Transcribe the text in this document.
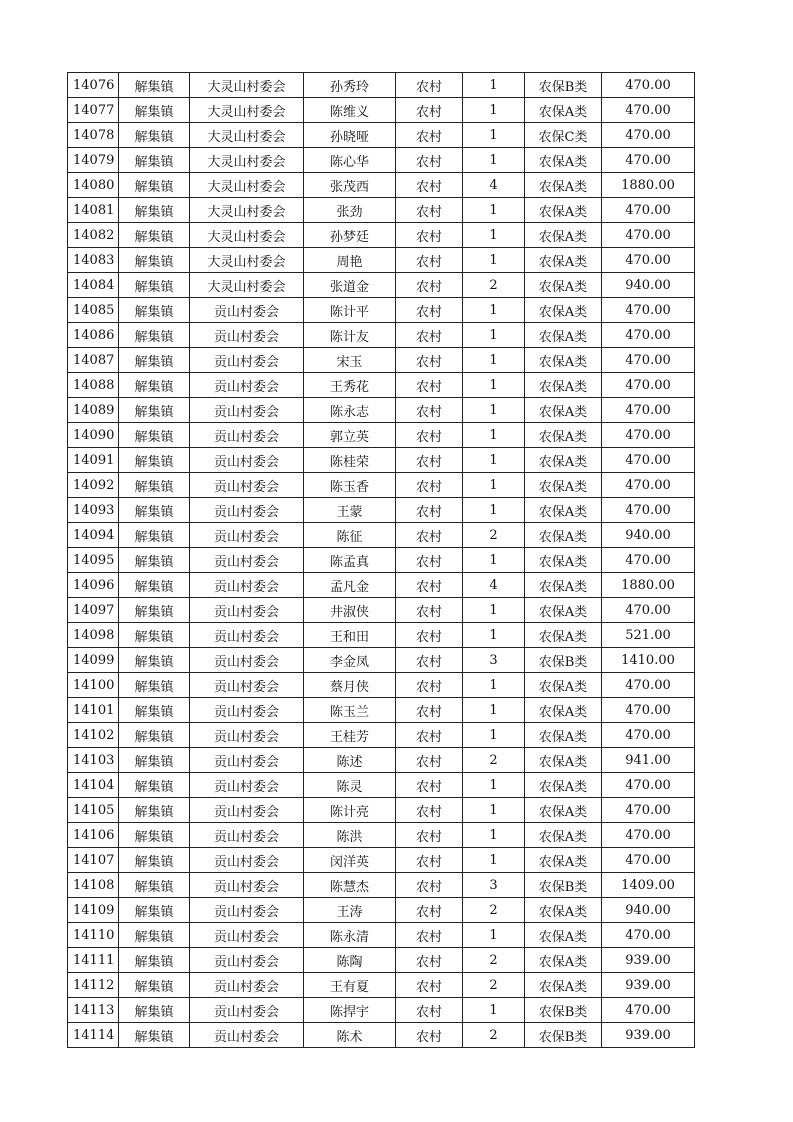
14076	解集镇	大灵山村委会	孙秀玲	农村	1	农保B类	470.00
14077	解集镇	大灵山村委会	陈维义	农村	1	农保A类	470.00
14078	解集镇	大灵山村委会	孙晓哑	农村	1	农保C类	470.00
14079	解集镇	大灵山村委会	陈心华	农村	1	农保A类	470.00
14080	解集镇	大灵山村委会	张茂西	农村	4	农保A类	1880.00
14081	解集镇	大灵山村委会	张劲	农村	1	农保A类	470.00
14082	解集镇	大灵山村委会	孙梦廷	农村	1	农保A类	470.00
14083	解集镇	大灵山村委会	周艳	农村	1	农保A类	470.00
14084	解集镇	大灵山村委会	张道金	农村	2	农保A类	940.00
14085	解集镇	贡山村委会	陈计平	农村	1	农保A类	470.00
14086	解集镇	贡山村委会	陈计友	农村	1	农保A类	470.00
14087	解集镇	贡山村委会	宋玉	农村	1	农保A类	470.00
14088	解集镇	贡山村委会	王秀花	农村	1	农保A类	470.00
14089	解集镇	贡山村委会	陈永志	农村	1	农保A类	470.00
14090	解集镇	贡山村委会	郭立英	农村	1	农保A类	470.00
14091	解集镇	贡山村委会	陈桂荣	农村	1	农保A类	470.00
14092	解集镇	贡山村委会	陈玉香	农村	1	农保A类	470.00
14093	解集镇	贡山村委会	王蒙	农村	1	农保A类	470.00
14094	解集镇	贡山村委会	陈征	农村	2	农保A类	940.00
14095	解集镇	贡山村委会	陈孟真	农村	1	农保A类	470.00
14096	解集镇	贡山村委会	孟凡金	农村	4	农保A类	1880.00
14097	解集镇	贡山村委会	井淑侠	农村	1	农保A类	470.00
14098	解集镇	贡山村委会	王和田	农村	1	农保A类	521.00
14099	解集镇	贡山村委会	李金凤	农村	3	农保B类	1410.00
14100	解集镇	贡山村委会	蔡月侠	农村	1	农保A类	470.00
14101	解集镇	贡山村委会	陈玉兰	农村	1	农保A类	470.00
14102	解集镇	贡山村委会	王桂芳	农村	1	农保A类	470.00
14103	解集镇	贡山村委会	陈述	农村	2	农保A类	941.00
14104	解集镇	贡山村委会	陈灵	农村	1	农保A类	470.00
14105	解集镇	贡山村委会	陈计亮	农村	1	农保A类	470.00
14106	解集镇	贡山村委会	陈洪	农村	1	农保A类	470.00
14107	解集镇	贡山村委会	闵洋英	农村	1	农保A类	470.00
14108	解集镇	贡山村委会	陈慧杰	农村	3	农保B类	1409.00
14109	解集镇	贡山村委会	王涛	农村	2	农保A类	940.00
14110	解集镇	贡山村委会	陈永清	农村	1	农保A类	470.00
14111	解集镇	贡山村委会	陈陶	农村	2	农保A类	939.00
14112	解集镇	贡山村委会	王有夏	农村	2	农保A类	939.00
14113	解集镇	贡山村委会	陈捍宇	农村	1	农保B类	470.00
14114	解集镇	贡山村委会	陈术	农村	2	农保B类	939.00
